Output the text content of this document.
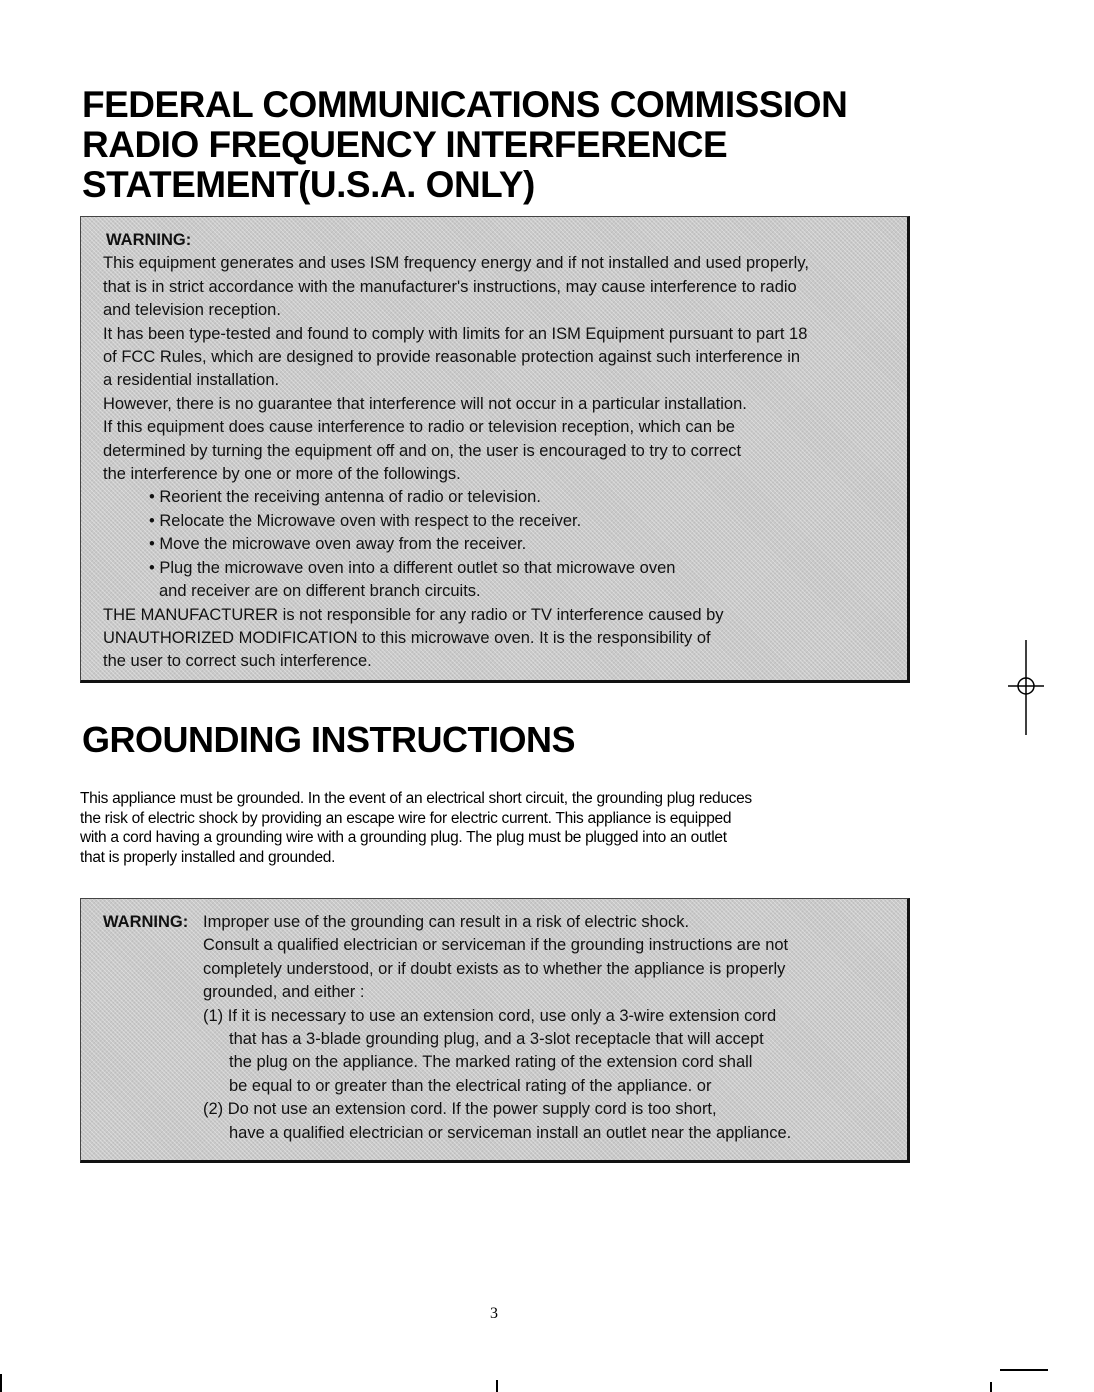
FEDERAL COMMUNICATIONS COMMISSION
RADIO FREQUENCY INTERFERENCE
STATEMENT(U.S.A. ONLY)
WARNING:
This equipment generates and uses ISM frequency energy and if not installed and used properly,
that is in strict accordance with the manufacturer's instructions, may cause interference to radio
and television reception.
It has been type-tested and found to comply with limits for an ISM Equipment pursuant to part 18
of FCC Rules, which are designed to provide reasonable protection against such interference in
a residential installation.
However, there is no guarantee that interference will not occur in a particular installation.
If this equipment does cause interference to radio or television reception, which can be
determined by turning the equipment off and on, the user is encouraged to try to correct
the interference by one or more of the followings.
• Reorient the receiving antenna of radio or television.
• Relocate the Microwave oven with respect to the receiver.
• Move the microwave oven away from the receiver.
• Plug the microwave oven into a different outlet so that microwave oven
and receiver are on different branch circuits.
THE MANUFACTURER is not responsible for any radio or TV interference caused by
UNAUTHORIZED MODIFICATION to this microwave oven. It is the responsibility of
the user to correct such interference.
GROUNDING INSTRUCTIONS
This appliance must be grounded. In the event of an electrical short circuit, the grounding plug reduces
the risk of electric shock by providing an escape wire for electric current. This appliance is equipped
with a cord having a grounding wire with a grounding plug. The plug must be plugged into an outlet
that is properly installed and grounded.
WARNING: Improper use of the grounding can result in a risk of electric shock.
Consult a qualified electrician or serviceman if the grounding instructions are not
completely understood, or if doubt exists as to whether the appliance is properly
grounded, and either :
(1) If it is necessary to use an extension cord, use only a 3-wire extension cord
that has a 3-blade grounding plug, and a 3-slot receptacle that will accept
the plug on the appliance. The marked rating of the extension cord shall
be equal to or greater than the electrical rating of the appliance. or
(2) Do not use an extension cord. If the power supply cord is too short,
have a qualified electrician or serviceman install an outlet near the appliance.
3
